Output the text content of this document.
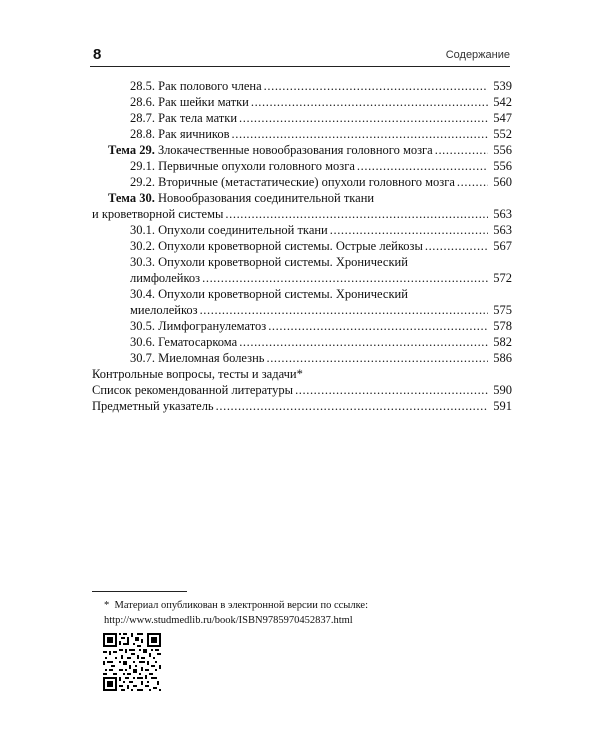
8	Содержание
28.5. Рак полового члена .....	539
28.6. Рак шейки матки .....	542
28.7. Рак тела матки .....	547
28.8. Рак яичников .....	552
Тема 29. Злокачественные новообразования головного мозга .....	556
29.1. Первичные опухоли головного мозга .....	556
29.2. Вторичные (метастатические) опухоли головного мозга .....	560
Тема 30. Новообразования соединительной ткани
и кроветворной системы .....	563
30.1. Опухоли соединительной ткани .....	563
30.2. Опухоли кроветворной системы. Острые лейкозы .....	567
30.3. Опухоли кроветворной системы. Хронический
лимфолейкоз .....	572
30.4. Опухоли кроветворной системы. Хронический
миелолейкоз .....	575
30.5. Лимфогранулематоз .....	578
30.6. Гематосаркома .....	582
30.7. Миеломная болезнь .....	586
Контрольные вопросы, тесты и задачи*
Список рекомендованной литературы .....	590
Предметный указатель .....	591
* Материал опубликован в электронной версии по ссылке:
http://www.studmedlib.ru/book/ISBN9785970452837.html
